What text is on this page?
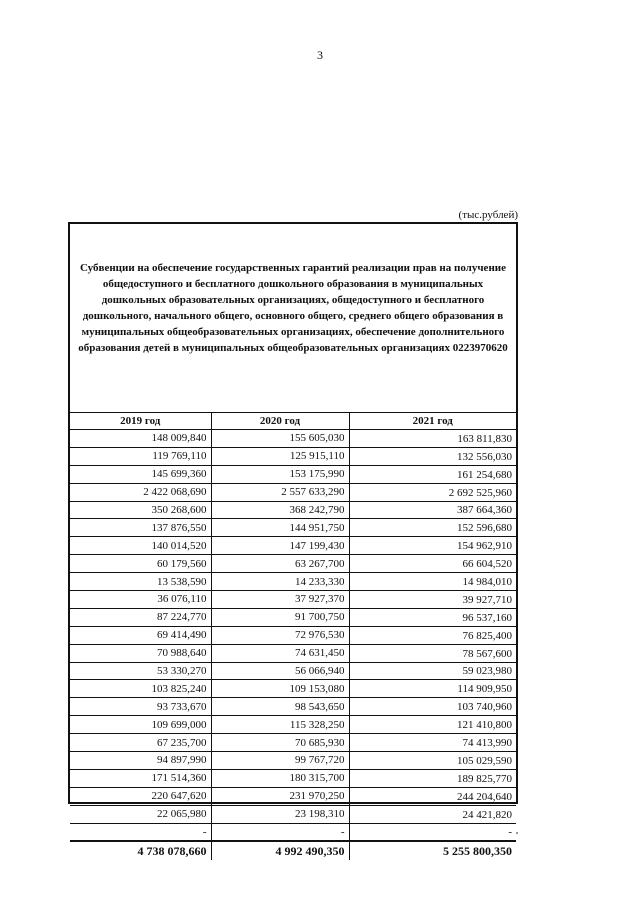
3
(тыс.рублей)
Субвенции на обеспечение государственных гарантий реализации прав на получение общедоступного и бесплатного дошкольного образования в муниципальных дошкольных образовательных организациях, общедоступного и бесплатного дошкольного, начального общего, основного общего, среднего общего образования в муниципальных общеобразовательных организациях, обеспечение дополнительного образования детей в муниципальных общеобразовательных организациях 0223970620
2019 год	2020 год	2021 год
148 009,840	155 605,030	163 811,830
119 769,110	125 915,110	132 556,030
145 699,360	153 175,990	161 254,680
2 422 068,690	2 557 633,290	2 692 525,960
350 268,600	368 242,790	387 664,360
137 876,550	144 951,750	152 596,680
140 014,520	147 199,430	154 962,910
60 179,560	63 267,700	66 604,520
13 538,590	14 233,330	14 984,010
36 076,110	37 927,370	39 927,710
87 224,770	91 700,750	96 537,160
69 414,490	72 976,530	76 825,400
70 988,640	74 631,450	78 567,600
53 330,270	56 066,940	59 023,980
103 825,240	109 153,080	114 909,950
93 733,670	98 543,650	103 740,960
109 699,000	115 328,250	121 410,800
67 235,700	70 685,930	74 413,990
94 897,990	99 767,720	105 029,590
171 514,360	180 315,700	189 825,770
220 647,620	231 970,250	244 204,640
22 065,980	23 198,310	24 421,820
-	-	-
4 738 078,660	4 992 490,350	5 255 800,350
